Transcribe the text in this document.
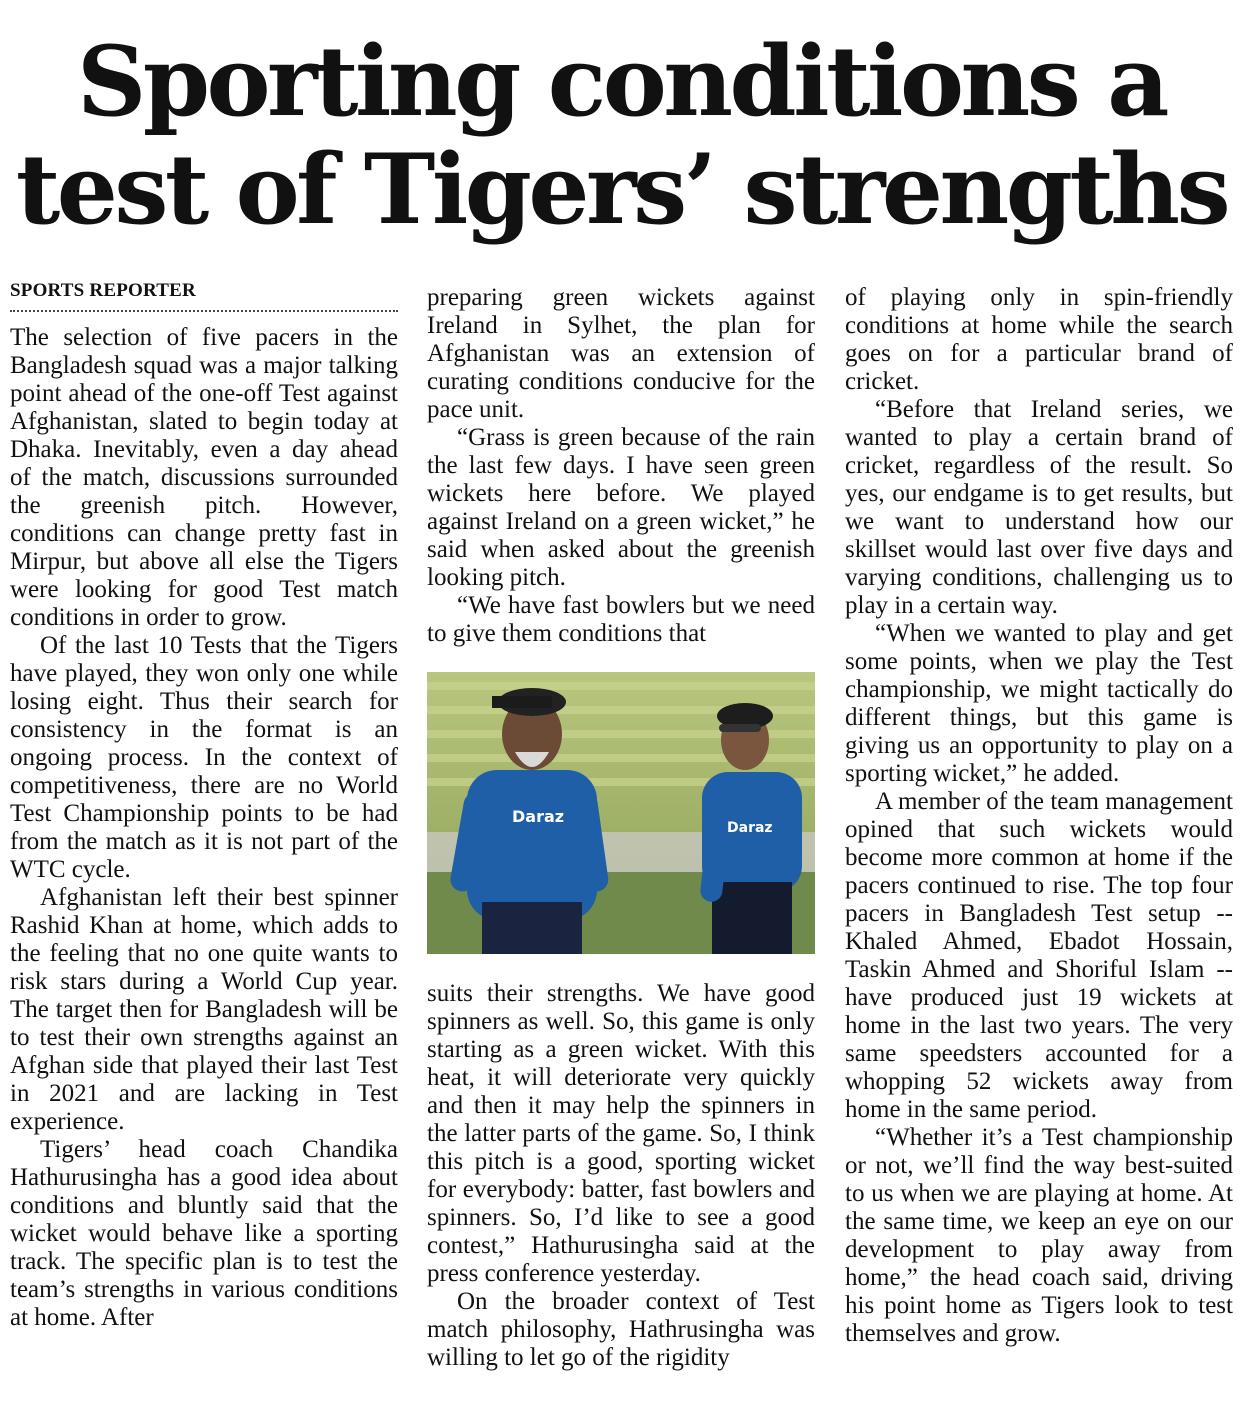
Sporting conditions a test of Tigers’ strengths
SPORTS REPORTER

The selection of five pacers in the Bangladesh squad was a major talking point ahead of the one-off Test against Afghanistan, slated to begin today at Dhaka. Inevitably, even a day ahead of the match, discussions surrounded the greenish pitch. However, conditions can change pretty fast in Mirpur, but above all else the Tigers were looking for good Test match conditions in order to grow.

Of the last 10 Tests that the Tigers have played, they won only one while losing eight. Thus their search for consistency in the format is an ongoing process. In the context of competitiveness, there are no World Test Championship points to be had from the match as it is not part of the WTC cycle.

Afghanistan left their best spinner Rashid Khan at home, which adds to the feeling that no one quite wants to risk stars during a World Cup year. The target then for Bangladesh will be to test their own strengths against an Afghan side that played their last Test in 2021 and are lacking in Test experience.

Tigers’ head coach Chandika Hathurusingha has a good idea about conditions and bluntly said that the wicket would behave like a sporting track. The specific plan is to test the team’s strengths in various conditions at home. After

preparing green wickets against Ireland in Sylhet, the plan for Afghanistan was an extension of curating conditions conducive for the pace unit.

“Grass is green because of the rain the last few days. I have seen green wickets here before. We played against Ireland on a green wicket,” he said when asked about the greenish looking pitch.

“We have fast bowlers but we need to give them conditions that

Daraz
Daraz

suits their strengths. We have good spinners as well. So, this game is only starting as a green wicket. With this heat, it will deteriorate very quickly and then it may help the spinners in the latter parts of the game. So, I think this pitch is a good, sporting wicket for everybody: batter, fast bowlers and spinners. So, I’d like to see a good contest,” Hathurusingha said at the press conference yesterday.

On the broader context of Test match philosophy, Hathrusingha was willing to let go of the rigidity

of playing only in spin-friendly conditions at home while the search goes on for a particular brand of cricket.

“Before that Ireland series, we wanted to play a certain brand of cricket, regardless of the result. So yes, our endgame is to get results, but we want to understand how our skillset would last over five days and varying conditions, challenging us to play in a certain way.

“When we wanted to play and get some points, when we play the Test championship, we might tactically do different things, but this game is giving us an opportunity to play on a sporting wicket,” he added.

A member of the team management opined that such wickets would become more common at home if the pacers continued to rise. The top four pacers in Bangladesh Test setup -- Khaled Ahmed, Ebadot Hossain, Taskin Ahmed and Shoriful Islam -- have produced just 19 wickets at home in the last two years. The very same speedsters accounted for a whopping 52 wickets away from home in the same period.

“Whether it’s a Test championship or not, we’ll find the way best-suited to us when we are playing at home. At the same time, we keep an eye on our development to play away from home,” the head coach said, driving his point home as Tigers look to test themselves and grow.
